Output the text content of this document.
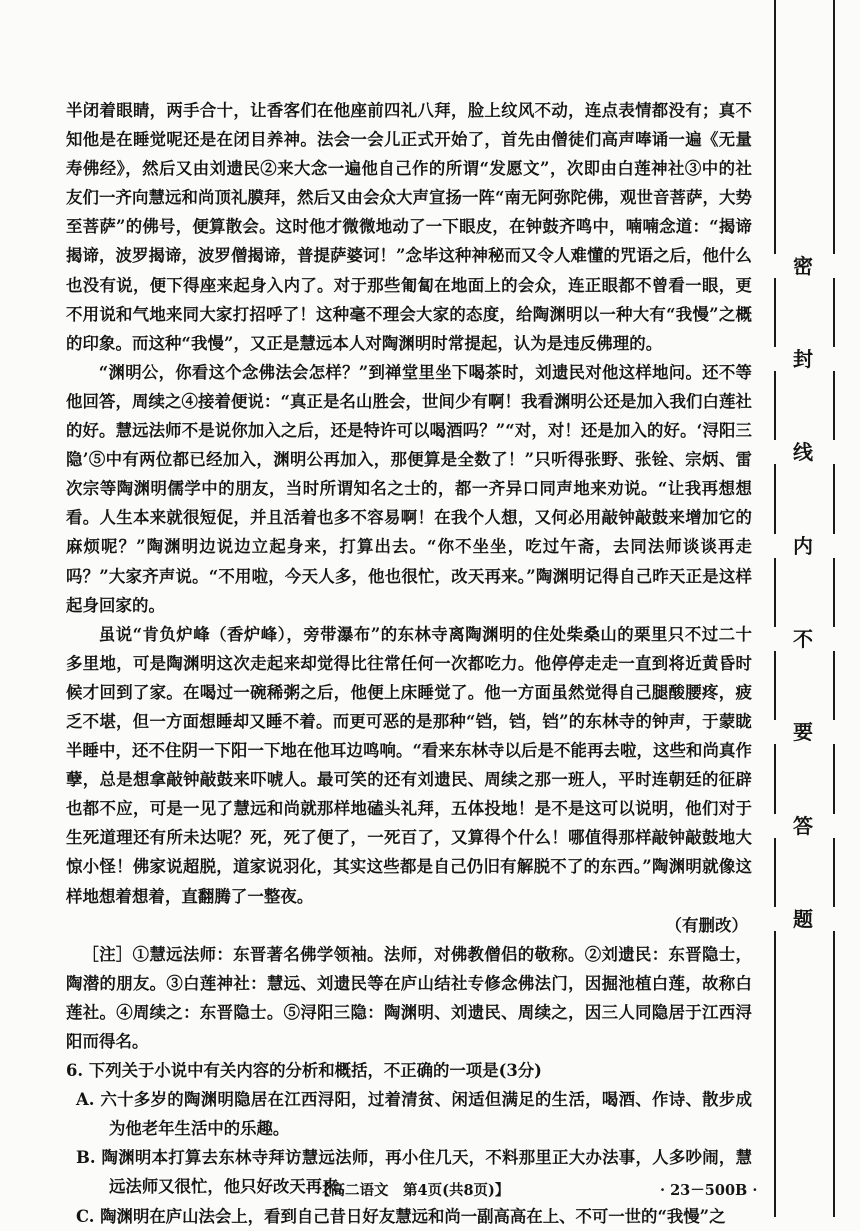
半闭着眼睛，两手合十，让香客们在他座前四礼八拜，脸上纹风不动，连点表情都没有；真不知他是在睡觉呢还是在闭目养神。法会一会儿正式开始了，首先由僧徒们高声唪诵一遍《无量寿佛经》，然后又由刘遗民②来大念一遍他自己作的所谓“发愿文”，次即由白莲神社③中的社友们一齐向慧远和尚顶礼膜拜，然后又由会众大声宣扬一阵“南无阿弥陀佛，观世音菩萨，大势至菩萨”的佛号，便算散会。这时他才微微地动了一下眼皮，在钟鼓齐鸣中，喃喃念道：“揭谛揭谛，波罗揭谛，波罗僧揭谛，普提萨婆诃！”念毕这种神秘而又令人难懂的咒语之后，他什么也没有说，便下得座来起身入内了。对于那些匍匐在地面上的会众，连正眼都不曾看一眼，更不用说和气地来同大家打招呼了！这种毫不理会大家的态度，给陶渊明以一种大有“我慢”之概的印象。而这种“我慢”，又正是慧远本人对陶渊明时常提起，认为是违反佛理的。

“渊明公，你看这个念佛法会怎样？”到禅堂里坐下喝茶时，刘遗民对他这样地问。还不等他回答，周续之④接着便说：“真正是名山胜会，世间少有啊！我看渊明公还是加入我们白莲社的好。慧远法师不是说你加入之后，还是特许可以喝酒吗？”“对，对！还是加入的好。‘浔阳三隐’⑤中有两位都已经加入，渊明公再加入，那便算是全数了！”只听得张野、张铨、宗炳、雷次宗等陶渊明儒学中的朋友，当时所谓知名之士的，都一齐异口同声地来劝说。“让我再想想看。人生本来就很短促，并且活着也多不容易啊！在我个人想，又何必用敲钟敲鼓来增加它的麻烦呢？”陶渊明边说边立起身来，打算出去。“你不坐坐，吃过午斋，去同法师谈谈再走吗？”大家齐声说。“不用啦，今天人多，他也很忙，改天再来。”陶渊明记得自己昨天正是这样起身回家的。

虽说“肯负炉峰（香炉峰），旁带瀑布”的东林寺离陶渊明的住处柴桑山的栗里只不过二十多里地，可是陶渊明这次走起来却觉得比往常任何一次都吃力。他停停走走一直到将近黄昏时候才回到了家。在喝过一碗稀粥之后，他便上床睡觉了。他一方面虽然觉得自己腿酸腰疼，疲乏不堪，但一方面想睡却又睡不着。而更可恶的是那种“铛，铛，铛”的东林寺的钟声，于蒙眬半睡中，还不住阴一下阳一下地在他耳边鸣响。“看来东林寺以后是不能再去啦，这些和尚真作孽，总是想拿敲钟敲鼓来吓唬人。最可笑的还有刘遗民、周续之那一班人，平时连朝廷的征辟也都不应，可是一见了慧远和尚就那样地磕头礼拜，五体投地！是不是这可以说明，他们对于生死道理还有所未达呢？死，死了便了，一死百了，又算得个什么！哪值得那样敲钟敲鼓地大惊小怪！佛家说超脱，道家说羽化，其实这些都是自己仍旧有解脱不了的东西。”陶渊明就像这样地想着想着，直翻腾了一整夜。

（有删改）

［注］①慧远法师：东晋著名佛学领袖。法师，对佛教僧侣的敬称。②刘遗民：东晋隐士，陶潜的朋友。③白莲神社：慧远、刘遗民等在庐山结社专修念佛法门，因掘池植白莲，故称白莲社。④周续之：东晋隐士。⑤浔阳三隐：陶渊明、刘遗民、周续之，因三人同隐居于江西浔阳而得名。

6. 下列关于小说中有关内容的分析和概括，不正确的一项是(3分)

A. 六十多岁的陶渊明隐居在江西浔阳，过着清贫、闲适但满足的生活，喝酒、作诗、散步成为他老年生活中的乐趣。

B. 陶渊明本打算去东林寺拜访慧远法师，再小住几天，不料那里正大办法事，人多吵闹，慧远法师又很忙，他只好改天再来。

C. 陶渊明在庐山法会上，看到自己昔日好友慧远和尚一副高高在上、不可一世的“我慢”之

【高二语文　第4页(共8页)】	· 23－500B ·
密
封
线
内
不
要
答
题
